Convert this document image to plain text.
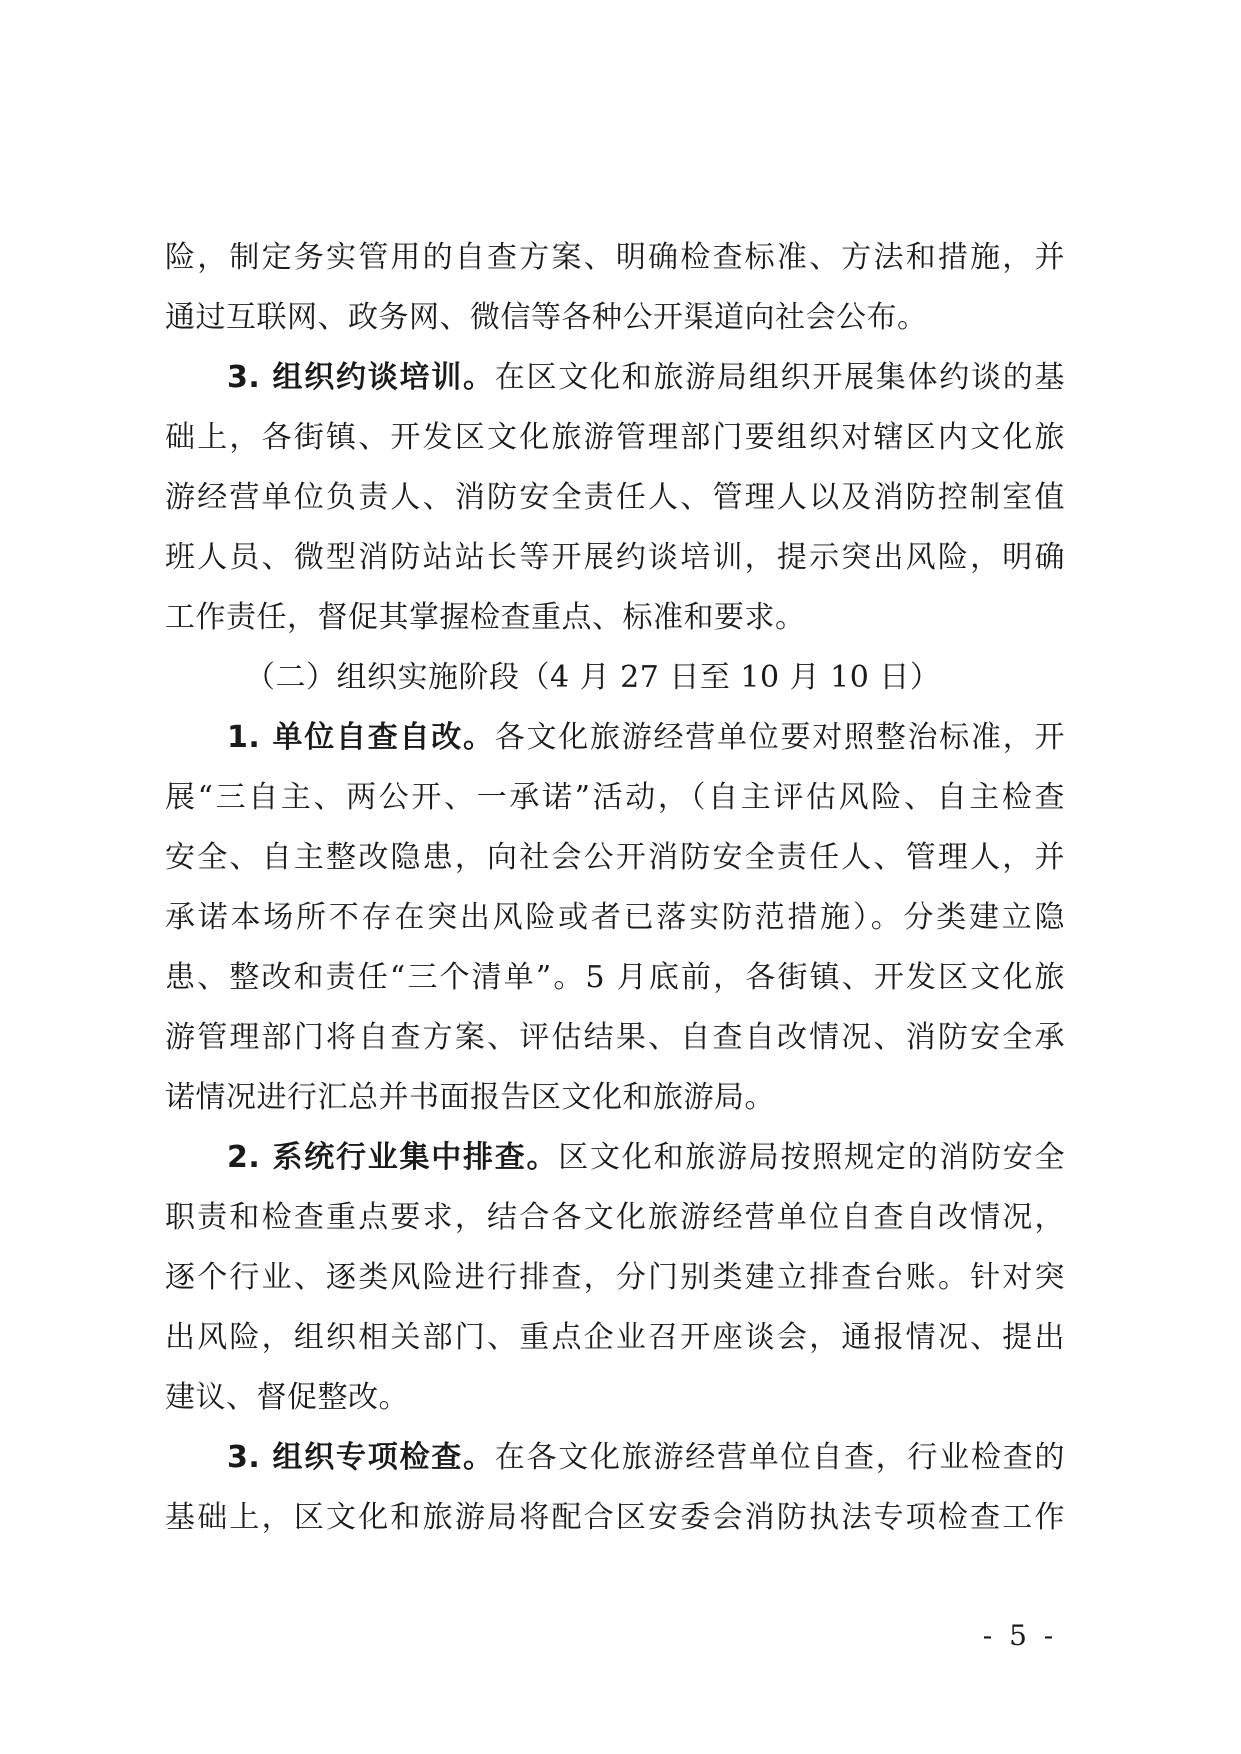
险，制定务实管用的自查方案、明确检查标准、方法和措施，并
通过互联网、政务网、微信等各种公开渠道向社会公布。
3. 组织约谈培训。在区文化和旅游局组织开展集体约谈的基
础上，各街镇、开发区文化旅游管理部门要组织对辖区内文化旅
游经营单位负责人、消防安全责任人、管理人以及消防控制室值
班人员、微型消防站站长等开展约谈培训，提示突出风险，明确
工作责任，督促其掌握检查重点、标准和要求。
（二）组织实施阶段（4 月 27 日至 10 月 10 日）
1. 单位自查自改。各文化旅游经营单位要对照整治标准，开
展“三自主、两公开、一承诺”活动，（自主评估风险、自主检查
安全、自主整改隐患，向社会公开消防安全责任人、管理人，并
承诺本场所不存在突出风险或者已落实防范措施）。分类建立隐
患、整改和责任“三个清单”。5 月底前，各街镇、开发区文化旅
游管理部门将自查方案、评估结果、自查自改情况、消防安全承
诺情况进行汇总并书面报告区文化和旅游局。
2. 系统行业集中排查。区文化和旅游局按照规定的消防安全
职责和检查重点要求，结合各文化旅游经营单位自查自改情况，
逐个行业、逐类风险进行排查，分门别类建立排查台账。针对突
出风险，组织相关部门、重点企业召开座谈会，通报情况、提出
建议、督促整改。
3. 组织专项检查。在各文化旅游经营单位自查，行业检查的
基础上，区文化和旅游局将配合区安委会消防执法专项检查工作
- 5 -
